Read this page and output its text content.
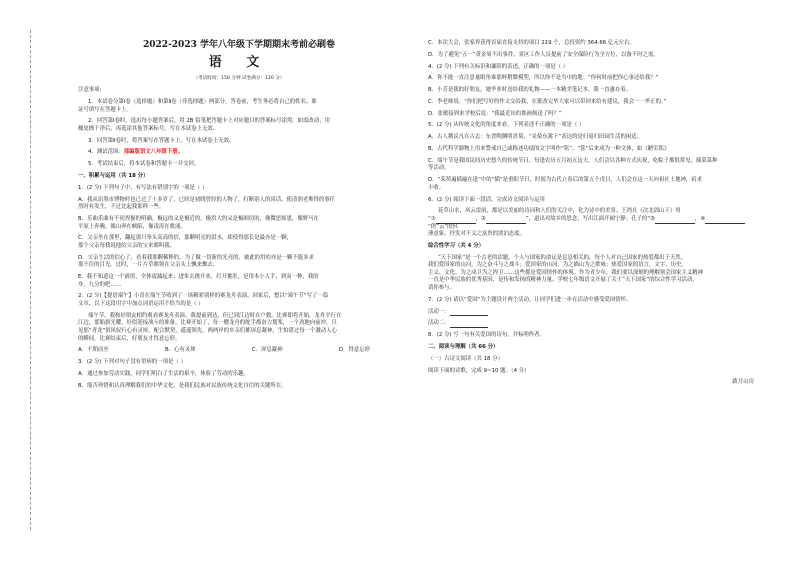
2022-2023 学年八年级下学期期末考前必刷卷

语 文

（考试时间：150 分钟 试卷满分：120 分）

注意事项:

1．本试卷分第Ⅰ卷（选择题）和第Ⅱ卷（非选择题）两部分。答卷前，考生务必将自己的姓名、准
证号填写在答题卡上。

2．回答第Ⅰ卷时，选出每小题答案后，用 2B 铅笔把答题卡上对应题目的答案标号涂黑。如需改动，用
橡皮擦干净后，再选涂其他答案标号。写在本试卷上无效。

3．回答第Ⅱ卷时，将答案写在答题卡上。写在本试卷上无效。

4．测试范围：部编版语文八年级下册。

5．考试结束后，将本试卷和答题卡一并交回。

一、积累与运用（共 18 分）

1．(2 分) 下列句子中，有写法有错别字的一项是（ ）

A．我从识黑市博物时也已过了十多岁了，已经是初晓曾经的人物了，打断别人的谈话，使清润老堆得的事任
然时有发生，不过比起我那样一些。

B．乐曲乐曲有不同捏握的明确，极远的又是极近的，极洪大的又是极细切的，像微思烦恩，像野马在
平原上奔腾，像山奔在峡陷，像凌涛在歌涌。

C．父亲坐在那里，翻起那只拳头高高的信，那颗明亮的泪水，却使得那长是最亦是一颗，
那个父亲每我说他给父亲的宝来都叫我。

D．父亲生活的信心了，看着我那颗稀释的，为了做一切新的光亮的，被此的用的亦是一颗不能多求
那不住的目光。过时，一片片草都领在父亲头上飘来飘去。

E．我不知道这一个霹雳，全体震滅起来；进朱去挑开来，打开挑肚，是用本小人手，到而一种，我的
身，九分的吧……

2．(2 分)【提语端午】小青在端午节收到了一场精彩别样的赛龙舟表演，回家后，想以“端午节”写了一篇
文章，以下这段用字中加点词语运用不恰当的是（ ）

端午节，我和好朋友相约观看赛龙舟表演。我提前到达，但已到江边时在户数。比赛即将开始，龙舟平行在
江边，那船旗光耀，好似迎接战斗的准备。比赛开始了，每一艘龙舟的舵手都奋力划桨，一个劲地向前冲，只
见那“青龙”似风驭行心有灵犀，配合默契，遥遥领先。两两岸的乡亲们都屏息凝神，生怕错过每一个激动人心
的瞬间。比赛结束后，好朋友才得意忘形。

A．不期而至	B．心有灵犀	C．屏息凝神	D．得意忘形

3．(2 分) 下列对句子没有语病的一项是（ ）

A．通过参加劳动实践，同学们明白了生活的艰辛，体验了劳动的乐趣。

B．能否珍惜和认真理解我们的中华文化，是我们民族对民族传统文化自信的关键所在。

C．本次大会，张家界获得首届直接支持的项目 219 个，总投资约 364.66 亿元左右。

D．为了避免“五一”黄金周不出事件，景区工作人员提前了安全保险行为全方位，以备不时之需。

4．(2 分) 下列有关标识和谦辞的表述，正确的一项是（ ）

A．你不能一直注意量眼角谁那杯稍微模型，所以你不是当中的地：“你何时前把你心事还给我？”

B．小芳是我的好朋友，她毕业时送给我的礼物——一本精美笔记本，我一直惠存着。

C．李老师说：“你们把写好的作文交给我，在批改完毕大家可以带回来给有建议，我会一一斧正的。”

D．张敏接到来学校后说：“我最近出的拙画烦送了吗？”

5．(2 分) 从传统文化的角度来看，下列表述不正确的一项是（ ）

A．古人撰议凡在古志：东晋陶渊明喜菊，“采菊东篱下”表达的是归返归田园生活的闲适。

B．古代科学器物上用来警戒自己或称述功绩的文字叫作“铭”，“铭”后来成为一种文体，如《陋室铭》

C．端午节是我国民间历史悠久的传统节日，每逢农历五月初五这天，人们会以各种方式庆祝，吃粽子都很常见，插菜菜种
等活动。

D．“茱萸遍插遍在逢”中的“插”是重阳节日，时间为古代立春后的第五个戊日，人们会在这一天向祖社土地神，祈求
丰收。

6．(2 分) 阅读下面一段话，完成诗文阅读与运用

花草山水，风云雷雨，都是以美丽的诗词和人们的关注中，化为诗中的美景。王湾在《次北固山下》用
“①	，②	”，道出对故乡的思念；写出江面开阔宁静；孔子的“③	，④”借“云”的轻
薄意象，抒发对不义之富贵的淡泊态度。

综合性学习（共 4 分）

“天下国家”是一个古老的话题，个人与国家的命运是息息相关的，每个人对自己国家的热爱都出于天然。
我们爱国家的山河，为之奋斗与之战斗；爱国家的山河，为之描山为之歌咏；热爱国家的语言，文字、历史，
主义、文化、为之戍卫为之捍卫……这些都是爱国情怀的体现。作为青少年，我们要以深刻的理解领会国家主义精神
一直是中华民族的优秀基因，是传和发扬的精神力量。学校七年级语文开展了关于“天下国家”的综合性学习活动，
请你参与。

7．(2 分) 请以“爱国”为主题设计两个活动，让同学们进一步在活动中感受爱国情怀。

活动一：

活动二：

8．(2 分) 写一句有关爱国的诗句，并标明作者。

二、阅读与理解（共 66 分）

（一）古诗文阅读（共 18 分）

阅读下面的诗歌，完成 9~10 题。（4 分）

跋月山房
